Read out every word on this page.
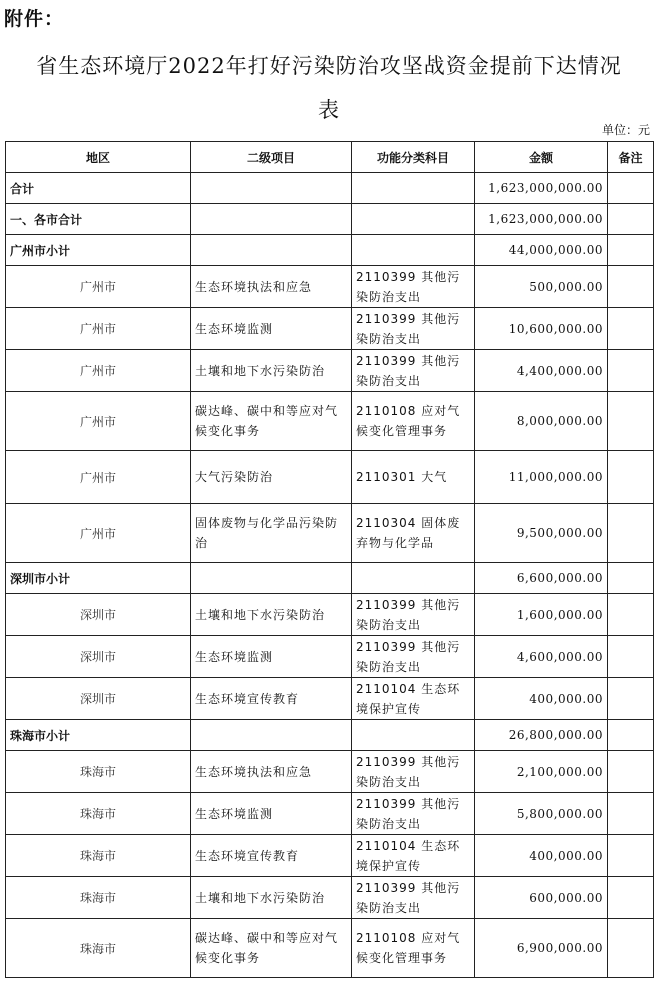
附件：
省生态环境厅2022年打好污染防治攻坚战资金提前下达情况
表
单位：元
地区	二级项目	功能分类科目	金额	备注
合计			1,623,000,000.00	
一、各市合计			1,623,000,000.00	
广州市小计			44,000,000.00	
广州市	生态环境执法和应急	2110399 其他污染防治支出	500,000.00	
广州市	生态环境监测	2110399 其他污染防治支出	10,600,000.00	
广州市	土壤和地下水污染防治	2110399 其他污染防治支出	4,400,000.00	
广州市	碳达峰、碳中和等应对气候变化事务	2110108 应对气候变化管理事务	8,000,000.00	
广州市	大气污染防治	2110301 大气	11,000,000.00	
广州市	固体废物与化学品污染防治	2110304 固体废弃物与化学品	9,500,000.00	
深圳市小计			6,600,000.00	
深圳市	土壤和地下水污染防治	2110399 其他污染防治支出	1,600,000.00	
深圳市	生态环境监测	2110399 其他污染防治支出	4,600,000.00	
深圳市	生态环境宣传教育	2110104 生态环境保护宣传	400,000.00	
珠海市小计			26,800,000.00	
珠海市	生态环境执法和应急	2110399 其他污染防治支出	2,100,000.00	
珠海市	生态环境监测	2110399 其他污染防治支出	5,800,000.00	
珠海市	生态环境宣传教育	2110104 生态环境保护宣传	400,000.00	
珠海市	土壤和地下水污染防治	2110399 其他污染防治支出	600,000.00	
珠海市	碳达峰、碳中和等应对气候变化事务	2110108 应对气候变化管理事务	6,900,000.00	
